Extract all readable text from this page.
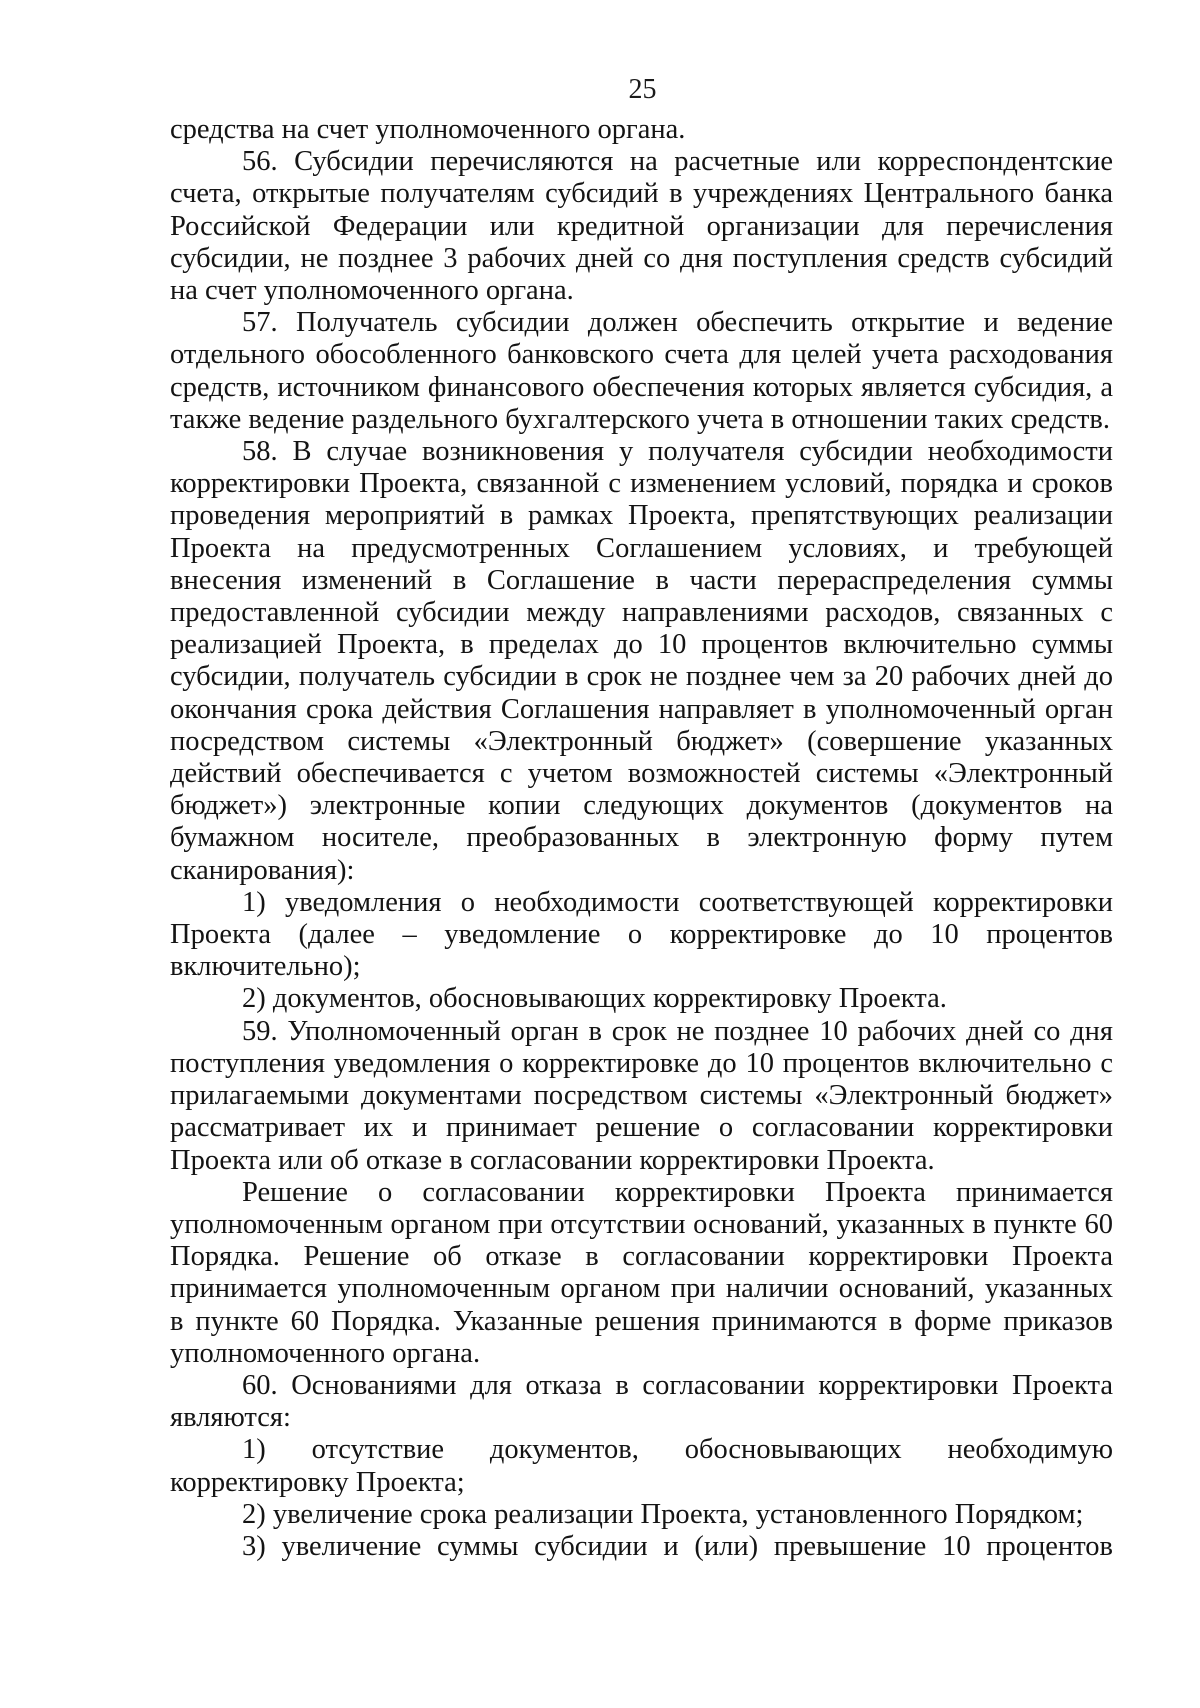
25

средства на счет уполномоченного органа.

56. Субсидии перечисляются на расчетные или корреспондентские счета, открытые получателям субсидий в учреждениях Центрального банка Российской Федерации или кредитной организации для перечисления субсидии, не позднее 3 рабочих дней со дня поступления средств субсидий на счет уполномоченного органа.

57. Получатель субсидии должен обеспечить открытие и ведение отдельного обособленного банковского счета для целей учета расходования средств, источником финансового обеспечения которых является субсидия, а также ведение раздельного бухгалтерского учета в отношении таких средств.

58. В случае возникновения у получателя субсидии необходимости корректировки Проекта, связанной с изменением условий, порядка и сроков проведения мероприятий в рамках Проекта, препятствующих реализации Проекта на предусмотренных Соглашением условиях, и требующей внесения изменений в Соглашение в части перераспределения суммы предоставленной субсидии между направлениями расходов, связанных с реализацией Проекта, в пределах до 10 процентов включительно суммы субсидии, получатель субсидии в срок не позднее чем за 20 рабочих дней до окончания срока действия Соглашения направляет в уполномоченный орган посредством системы «Электронный бюджет» (совершение указанных действий обеспечивается с учетом возможностей системы «Электронный бюджет») электронные копии следующих документов (документов на бумажном носителе, преобразованных в электронную форму путем сканирования):

1) уведомления о необходимости соответствующей корректировки Проекта (далее – уведомление о корректировке до 10 процентов включительно);

2) документов, обосновывающих корректировку Проекта.

59. Уполномоченный орган в срок не позднее 10 рабочих дней со дня поступления уведомления о корректировке до 10 процентов включительно с прилагаемыми документами посредством системы «Электронный бюджет» рассматривает их и принимает решение о согласовании корректировки Проекта или об отказе в согласовании корректировки Проекта.

Решение о согласовании корректировки Проекта принимается уполномоченным органом при отсутствии оснований, указанных в пункте 60 Порядка. Решение об отказе в согласовании корректировки Проекта принимается уполномоченным органом при наличии оснований, указанных в пункте 60 Порядка. Указанные решения принимаются в форме приказов уполномоченного органа.

60. Основаниями для отказа в согласовании корректировки Проекта являются:

1) отсутствие документов, обосновывающих необходимую корректировку Проекта;

2) увеличение срока реализации Проекта, установленного Порядком;

3) увеличение суммы субсидии и (или) превышение 10 процентов
